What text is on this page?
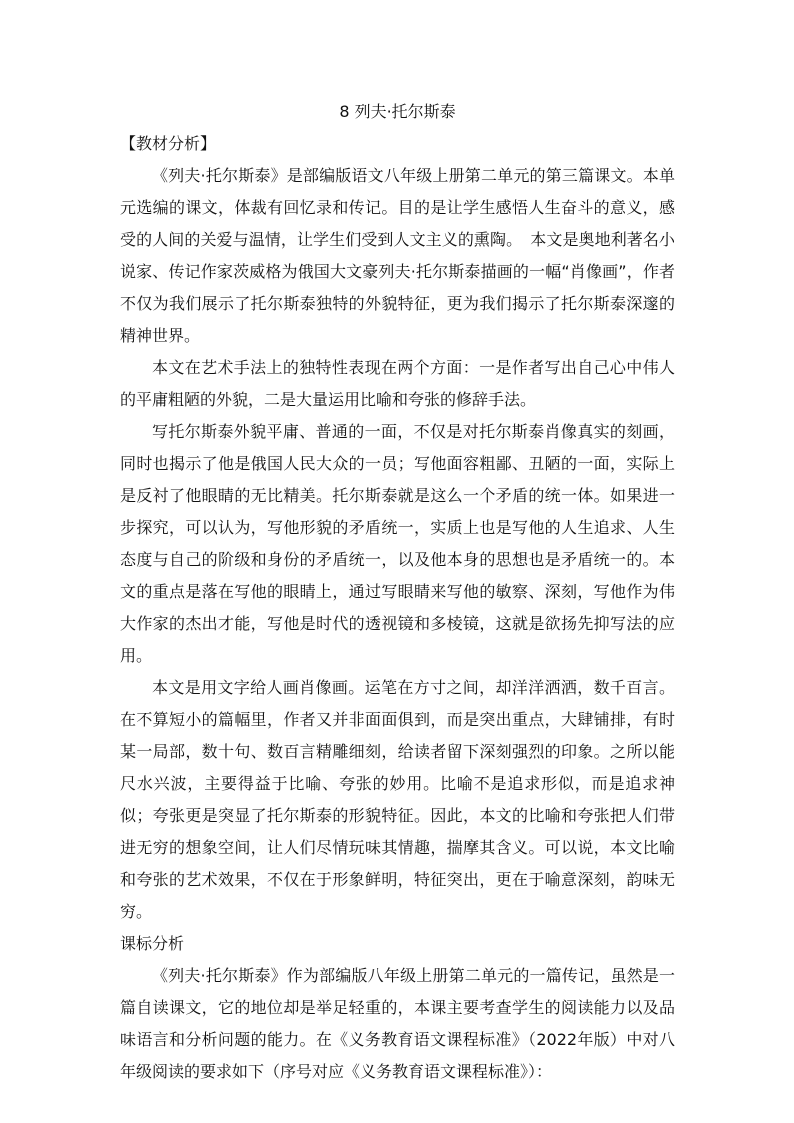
8 列夫·托尔斯泰
【教材分析】

《列夫·托尔斯泰》是部编版语文八年级上册第二单元的第三篇课文。本单元选编的课文，体裁有回忆录和传记。目的是让学生感悟人生奋斗的意义，感受的人间的关爱与温情，让学生们受到人文主义的熏陶。　本文是奥地利著名小说家、传记作家茨威格为俄国大文豪列夫·托尔斯泰描画的一幅“肖像画”，作者不仅为我们展示了托尔斯泰独特的外貌特征，更为我们揭示了托尔斯泰深邃的精神世界。

本文在艺术手法上的独特性表现在两个方面：一是作者写出自己心中伟人的平庸粗陋的外貌，二是大量运用比喻和夸张的修辞手法。

写托尔斯泰外貌平庸、普通的一面，不仅是对托尔斯泰肖像真实的刻画，同时也揭示了他是俄国人民大众的一员；写他面容粗鄙、丑陋的一面，实际上是反衬了他眼睛的无比精美。托尔斯泰就是这么一个矛盾的统一体。如果进一步探究，可以认为，写他形貌的矛盾统一，实质上也是写他的人生追求、人生态度与自己的阶级和身份的矛盾统一，以及他本身的思想也是矛盾统一的。本文的重点是落在写他的眼睛上，通过写眼睛来写他的敏察、深刻，写他作为伟大作家的杰出才能，写他是时代的透视镜和多棱镜，这就是欲扬先抑写法的应用。

本文是用文字给人画肖像画。运笔在方寸之间，却洋洋洒洒，数千百言。在不算短小的篇幅里，作者又并非面面俱到，而是突出重点，大肆铺排，有时某一局部，数十句、数百言精雕细刻，给读者留下深刻强烈的印象。之所以能尺水兴波，主要得益于比喻、夸张的妙用。比喻不是追求形似，而是追求神似；夸张更是突显了托尔斯泰的形貌特征。因此，本文的比喻和夸张把人们带进无穷的想象空间，让人们尽情玩味其情趣，揣摩其含义。可以说，本文比喻和夸张的艺术效果，不仅在于形象鲜明，特征突出，更在于喻意深刻，韵味无穷。

课标分析

《列夫·托尔斯泰》作为部编版八年级上册第二单元的一篇传记，虽然是一篇自读课文，它的地位却是举足轻重的，本课主要考查学生的阅读能力以及品味语言和分析问题的能力。在《义务教育语文课程标准》（2022年版）中对八年级阅读的要求如下（序号对应《义务教育语文课程标准》）：
